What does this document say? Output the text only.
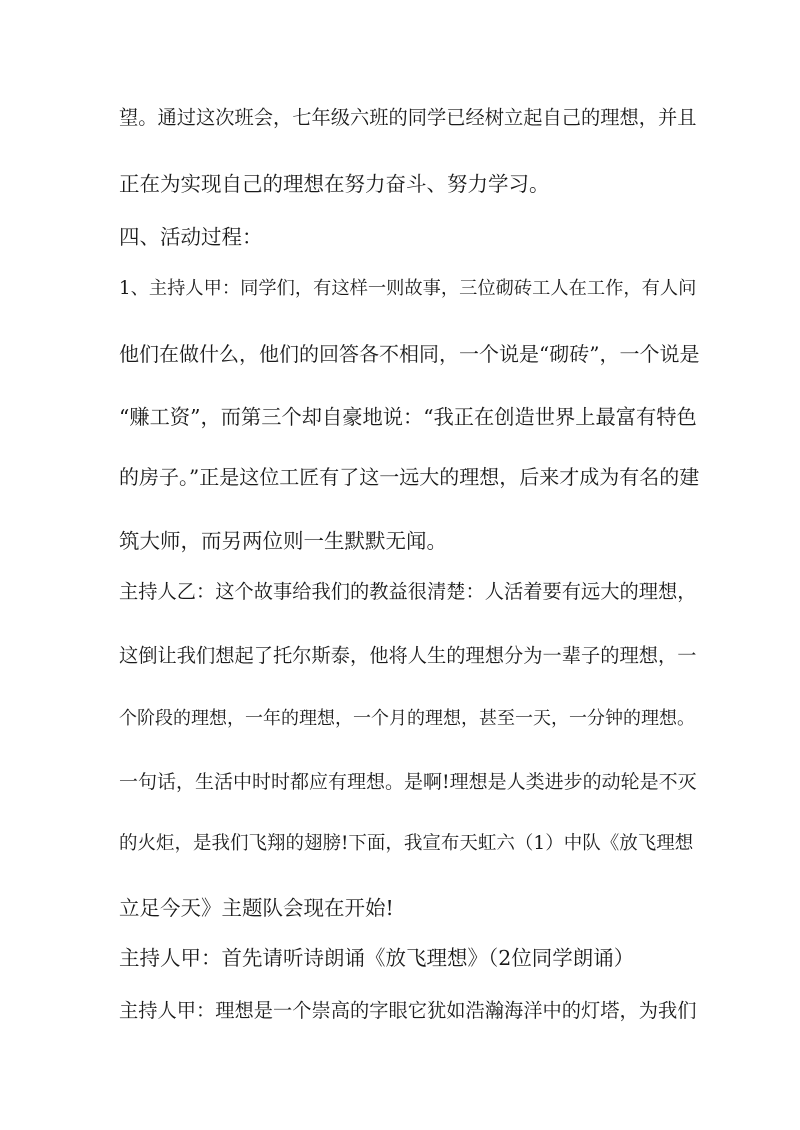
望。通过这次班会，七年级六班的同学已经树立起自己的理想，并且
正在为实现自己的理想在努力奋斗、努力学习。
四、活动过程：
1、主持人甲：同学们，有这样一则故事，三位砌砖工人在工作，有人问
他们在做什么，他们的回答各不相同，一个说是“砌砖”，一个说是
“赚工资”，而第三个却自豪地说：“我正在创造世界上最富有特色
的房子。”正是这位工匠有了这一远大的理想，后来才成为有名的建
筑大师，而另两位则一生默默无闻。
主持人乙：这个故事给我们的教益很清楚：人活着要有远大的理想，
这倒让我们想起了托尔斯泰，他将人生的理想分为一辈子的理想，一
个阶段的理想，一年的理想，一个月的理想，甚至一天，一分钟的理想。
一句话，生活中时时都应有理想。是啊!理想是人类进步的动轮是不灭
的火炬，是我们飞翔的翅膀!下面，我宣布天虹六（1）中队《放飞理想
立足今天》主题队会现在开始!
主持人甲：首先请听诗朗诵《放飞理想》（2位同学朗诵）
主持人甲：理想是一个崇高的字眼它犹如浩瀚海洋中的灯塔，为我们
